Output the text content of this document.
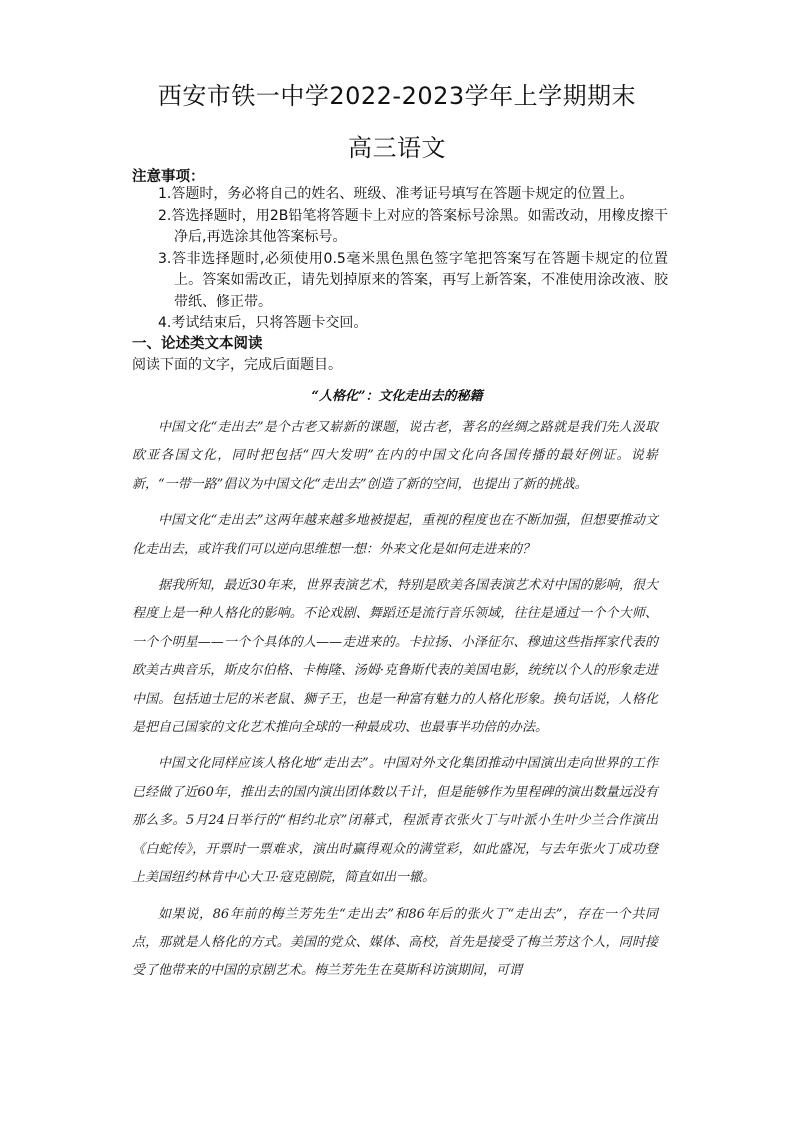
西安市铁一中学2022-2023学年上学期期末
高三语文
注意事项：
1.答题时，务必将自己的姓名、班级、准考证号填写在答题卡规定的位置上。
2.答选择题时，用2B铅笔将答题卡上对应的答案标号涂黑。如需改动，用橡皮擦干净后,再选涂其他答案标号。
3.答非选择题时,必须使用0.5毫米黑色黑色签字笔把答案写在答题卡规定的位置上。答案如需改正，请先划掉原来的答案，再写上新答案，不准使用涂改液、胶带纸、修正带。
4.考试结束后，只将答题卡交回。
一、论述类文本阅读
阅读下面的文字，完成后面题目。
“人格化”：文化走出去的秘籍

中国文化“走出去”是个古老又崭新的课题，说古老，著名的丝绸之路就是我们先人汲取欧亚各国文化，同时把包括“四大发明”在内的中国文化向各国传播的最好例证。说崭新，“一带一路”倡议为中国文化“走出去”创造了新的空间，也提出了新的挑战。

中国文化“走出去”这两年越来越多地被提起，重视的程度也在不断加强，但想要推动文化走出去，或许我们可以逆向思维想一想：外来文化是如何走进来的？

据我所知，最近30年来，世界表演艺术，特别是欧美各国表演艺术对中国的影响，很大程度上是一种人格化的影响。不论戏剧、舞蹈还是流行音乐领域，往往是通过一个个大师、一个个明星——一个个具体的人——走进来的。卡拉扬、小泽征尔、穆迪这些指挥家代表的欧美古典音乐，斯皮尔伯格、卡梅隆、汤姆·克鲁斯代表的美国电影，统统以个人的形象走进中国。包括迪士尼的米老鼠、狮子王，也是一种富有魅力的人格化形象。换句话说，人格化是把自己国家的文化艺术推向全球的一种最成功、也最事半功倍的办法。

中国文化同样应该人格化地“走出去”。中国对外文化集团推动中国演出走向世界的工作已经做了近60年，推出去的国内演出团体数以千计，但是能够作为里程碑的演出数量远没有那么多。5月24日举行的“相约北京”闭幕式，程派青衣张火丁与叶派小生叶少兰合作演出《白蛇传》，开票时一票难求，演出时赢得观众的满堂彩，如此盛况，与去年张火丁成功登上美国纽约林肯中心大卫·寇克剧院，简直如出一辙。

如果说，86年前的梅兰芳先生“走出去”和86年后的张火丁“走出去”，存在一个共同点，那就是人格化的方式。美国的党众、媒体、高校，首先是接受了梅兰芳这个人，同时接受了他带来的中国的京剧艺术。梅兰芳先生在莫斯科访演期间，可谓
